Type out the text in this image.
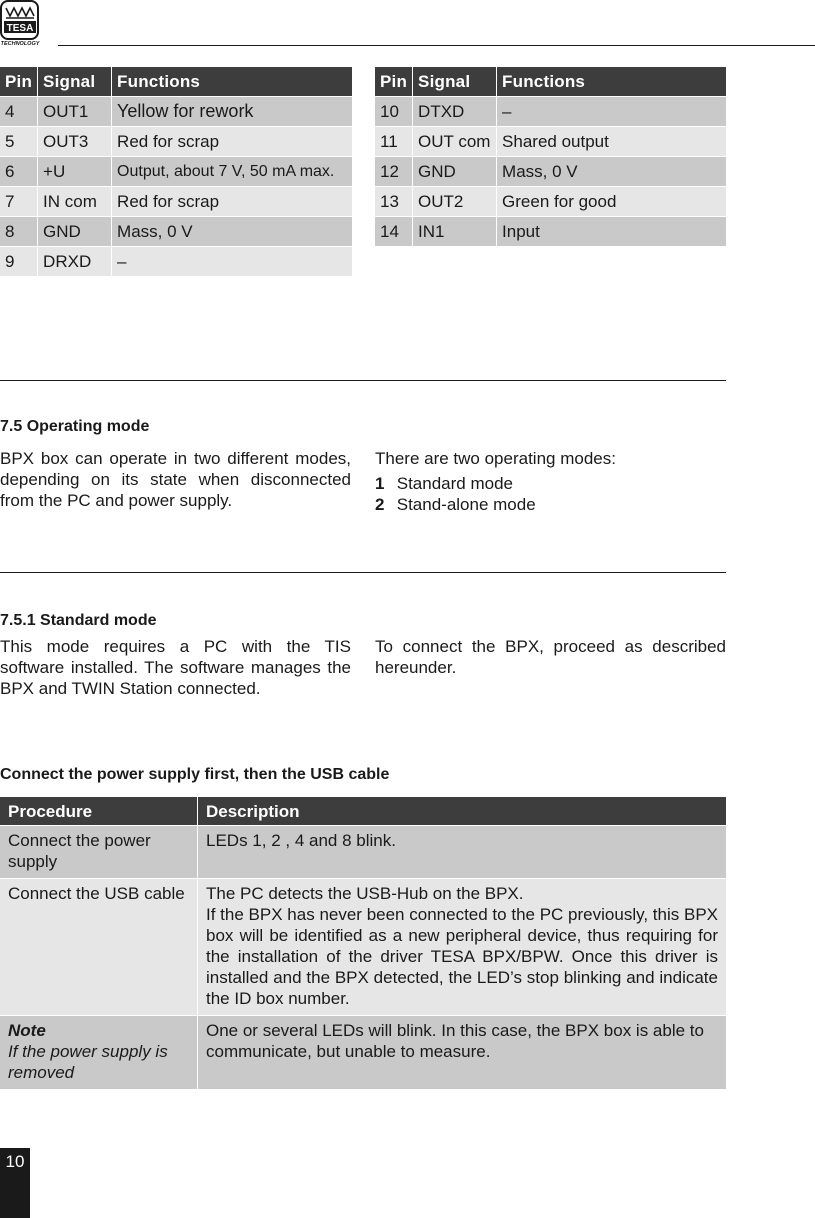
TESA
TECHNOLOGY
Pin	Signal	Functions
4	OUT1	Yellow for rework
5	OUT3	Red for scrap
6	+U	Output, about 7 V, 50 mA max.
7	IN com	Red for scrap
8	GND	Mass, 0 V
9	DRXD	–
Pin	Signal	Functions
10	DTXD	–
11	OUT com	Shared output
12	GND	Mass, 0 V
13	OUT2	Green for good
14	IN1	Input
7.5 Operating mode

BPX box can operate in two different modes, depending on its state when disconnected from the PC and power supply.

There are two operating modes:
1 Standard mode
2 Stand-alone mode
7.5.1 Standard mode

This mode requires a PC with the TIS software installed. The software manages the BPX and TWIN Station connected.

To connect the BPX, proceed as described hereunder.

Connect the power supply first, then the USB cable
Procedure	Description
Connect the power supply	LEDs 1, 2 , 4 and 8 blink.
Connect the USB cable	The PC detects the USB-Hub on the BPX.
If the BPX has never been connected to the PC previously, this BPX box will be identified as a new peripheral device, thus requiring for the installation of the driver TESA BPX/BPW. Once this driver is installed and the BPX detected, the LED’s stop blinking and indicate the ID box number.

Note
If the power supply is removed	One or several LEDs will blink. In this case, the BPX box is able to communicate, but unable to measure.
10
